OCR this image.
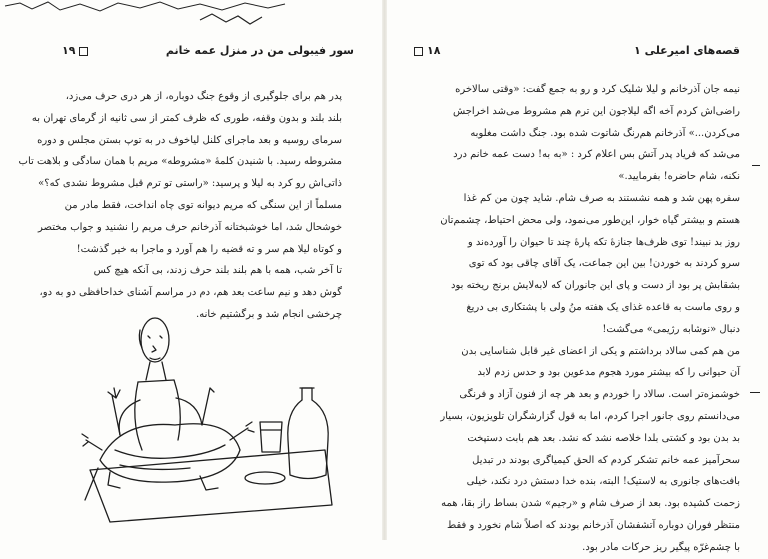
سور فیبولی من در منزل عمه خانم
۱۹
پدر هم برای جلوگیری از وقوع جنگ دوباره، از هر دری حرف می‌زد،
بلند بلند و بدون وقفه، طوری که ظرف کمتر از سی ثانیه از گرمای تهران به
سرمای روسیه و بعد ماجرای کلنل لیاخوف در به توپ بستن مجلس و دوره
مشروطه رسید. با شنیدن کلمهٔ «مشروطه» مریم با همان سادگی و بلاهت تاب
ذاتی‌اش رو کرد به لیلا و پرسید: «راستی تو ترم قبل مشروط نشدی که؟»
مسلماً از این سنگی که مریم دیوانه توی چاه انداخت، فقط مادر من
خوشحال شد، اما خوشبختانه آذرخانم حرف مریم را نشنید و جواب مختصر
و کوتاه لیلا هم سر و ته قضیه را هم آورد و ماجرا به خیر گذشت!
تا آخر شب، همه با هم بلند بلند حرف زدند، بی آنکه هیچ کس
گوش دهد و نیم ساعت بعد هم، دم در مراسم آشنای خداحافظی دو به دو،
چرخشی انجام شد و برگشتیم خانه.
۱۸	قصه‌های امیرعلی ۱
نیمه جان آذرخانم و لیلا شلیک کرد و رو به جمع گفت: «وقتی سالاخره
راضی‌اش کردم آخه اگه لیلاجون این ترم هم مشروط می‌شد اخراجش
می‌کردن...» آذرخانم هم‌رنگ شاتوت شده بود. جنگ داشت مغلوبه
می‌شد که فریاد پدر آتش بس اعلام کرد : «به به! دست عمه خانم درد
نکنه، شام حاضره! بفرمایید.»
سفره پهن شد و همه نشستند به صرف شام. شاید چون من کم غذا
هستم و بیشتر گیاه خوار، این‌طور می‌نمود، ولی محض احتیاط، چشمم‌تان
روز بد نبیند! توی ظرف‌ها جنازهٔ تکه پارهٔ چند تا حیوان را آورده‌ند و
سرو کردند به خوردن! بین این جماعت، یک آقای چاقی بود که توی
بشقابش پر بود از دست و پای این جانوران که لابه‌لایش برنج ریخته بود
و روی ماست به قاعده غذای یک هفته منُ ولی با پشتکاری بی دریغ
دنبال «نوشابه رژیمی» می‌گشت!
من هم کمی سالاد برداشتم و یکی از اعضای غیر قابل شناسایی بدن
آن حیوانی را که بیشتر مورد هجوم مدعوین بود و حدس زدم لابد
خوشمزه‌تر است. سالاد را خوردم و بعد هر چه از فنون آزاد و فرنگی
می‌دانستم روی جانور اجرا کردم، اما به قول گزارشگران تلویزیون، بسیار
بد بدن بود و کشتی بلدا خلاصه نشد که نشد. بعد هم بابت دستپخت
سحرآمیز عمه خانم تشکر کردم که الحق کیمیاگری بودند در تبدیل
بافت‌های جانوری به لاستیک! البته، بنده خدا دستش درد نکند، خیلی
زحمت کشیده بود. بعد از صرف شام و «رجیم» شدن بساط راز بقا، همه
منتظر فوران دوباره آتشفشان آذرخانم بودند که اصلاً شام نخورد و فقط
با چشم‌غرّه پیگیر ریز حرکات مادر بود.
